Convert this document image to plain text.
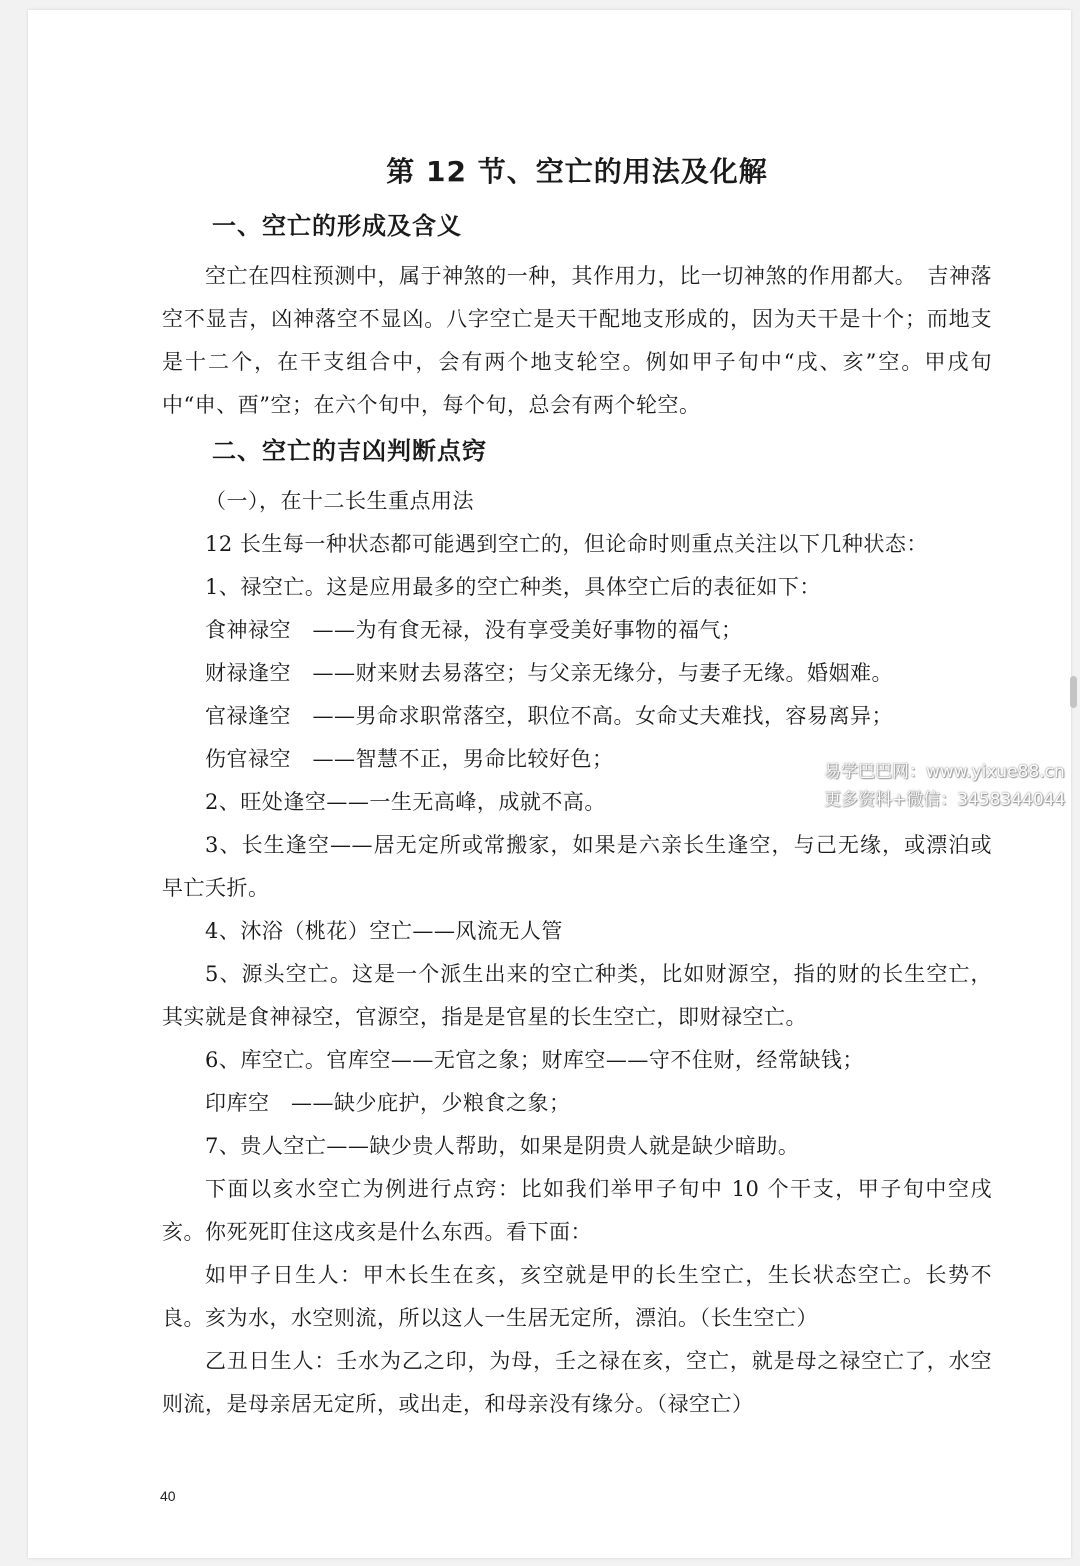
第 12 节、空亡的用法及化解
一、空亡的形成及含义

空亡在四柱预测中，属于神煞的一种，其作用力，比一切神煞的作用都大。　吉神落空不显吉，凶神落空不显凶。八字空亡是天干配地支形成的，因为天干是十个；而地支是十二个，在干支组合中，会有两个地支轮空。例如甲子旬中“戌、亥”空。甲戌旬中“申、酉”空；在六个旬中，每个旬，总会有两个轮空。

二、空亡的吉凶判断点窍

（一），在十二长生重点用法

12 长生每一种状态都可能遇到空亡的，但论命时则重点关注以下几种状态：

1、禄空亡。这是应用最多的空亡种类，具体空亡后的表征如下：

食神禄空　——为有食无禄，没有享受美好事物的福气；

财禄逢空　——财来财去易落空；与父亲无缘分，与妻子无缘。婚姻难。

官禄逢空　——男命求职常落空，职位不高。女命丈夫难找，容易离异；

伤官禄空　——智慧不正，男命比较好色；

2、旺处逢空——一生无高峰，成就不高。

3、长生逢空——居无定所或常搬家，如果是六亲长生逢空，与己无缘，或漂泊或早亡夭折。

4、沐浴（桃花）空亡——风流无人管

5、源头空亡。这是一个派生出来的空亡种类，比如财源空，指的财的长生空亡，其实就是食神禄空，官源空，指是是官星的长生空亡，即财禄空亡。

6、库空亡。官库空——无官之象；财库空——守不住财，经常缺钱；

印库空　——缺少庇护，少粮食之象；

7、贵人空亡——缺少贵人帮助，如果是阴贵人就是缺少暗助。

下面以亥水空亡为例进行点窍：比如我们举甲子旬中 10 个干支，甲子旬中空戌亥。你死死盯住这戌亥是什么东西。看下面：

如甲子日生人：甲木长生在亥，亥空就是甲的长生空亡，生长状态空亡。长势不良。亥为水，水空则流，所以这人一生居无定所，漂泊。（长生空亡）

乙丑日生人：壬水为乙之印，为母，壬之禄在亥，空亡，就是母之禄空亡了，水空则流，是母亲居无定所，或出走，和母亲没有缘分。（禄空亡）

40
易学巴巴网：www.yixue88.cn
更多资料+微信：3458344044
